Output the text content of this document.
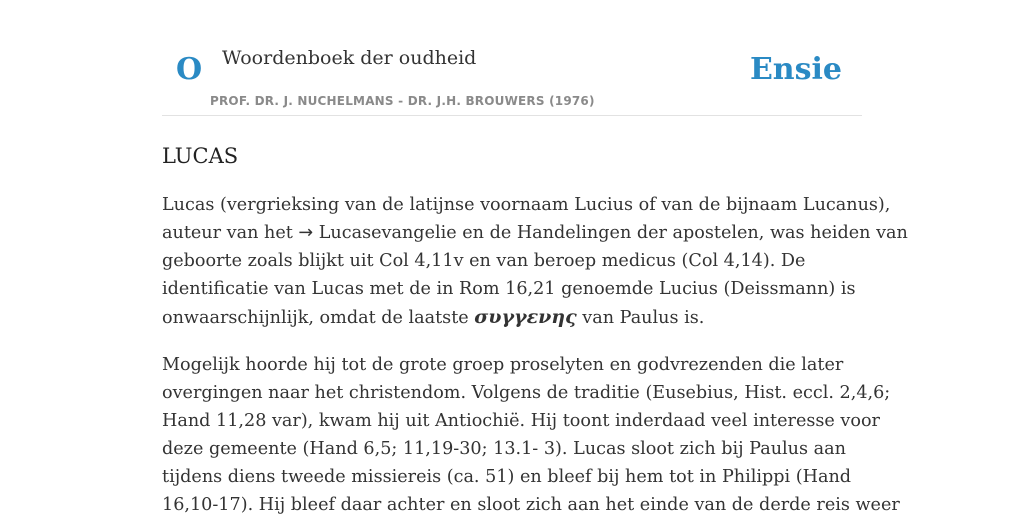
O Woordenboek der oudheid
PROF. DR. J. NUCHELMANS - DR. J.H. BROUWERS (1976)
Ensie
LUCAS

Lucas (vergrieksing van de latijnse voornaam Lucius of van de bijnaam Lucanus),
auteur van het → Lucasevangelie en de Handelingen der apostelen, was heiden van
geboorte zoals blijkt uit Col 4,11v en van beroep medicus (Col 4,14). De
identificatie van Lucas met de in Rom 16,21 genoemde Lucius (Deissmann) is
onwaarschijnlijk, omdat de laatste συγγενης van Paulus is.

Mogelijk hoorde hij tot de grote groep proselyten en godvrezenden die later
overgingen naar het christendom. Volgens de traditie (Eusebius, Hist. eccl. 2,4,6;
Hand 11,28 var), kwam hij uit Antiochië. Hij toont inderdaad veel interesse voor
deze gemeente (Hand 6,5; 11,19-30; 13.1- 3). Lucas sloot zich bij Paulus aan
tijdens diens tweede missiereis (ca. 51) en bleef bij hem tot in Philippi (Hand
16,10-17). Hij bleef daar achter en sloot zich aan het einde van de derde reis weer
